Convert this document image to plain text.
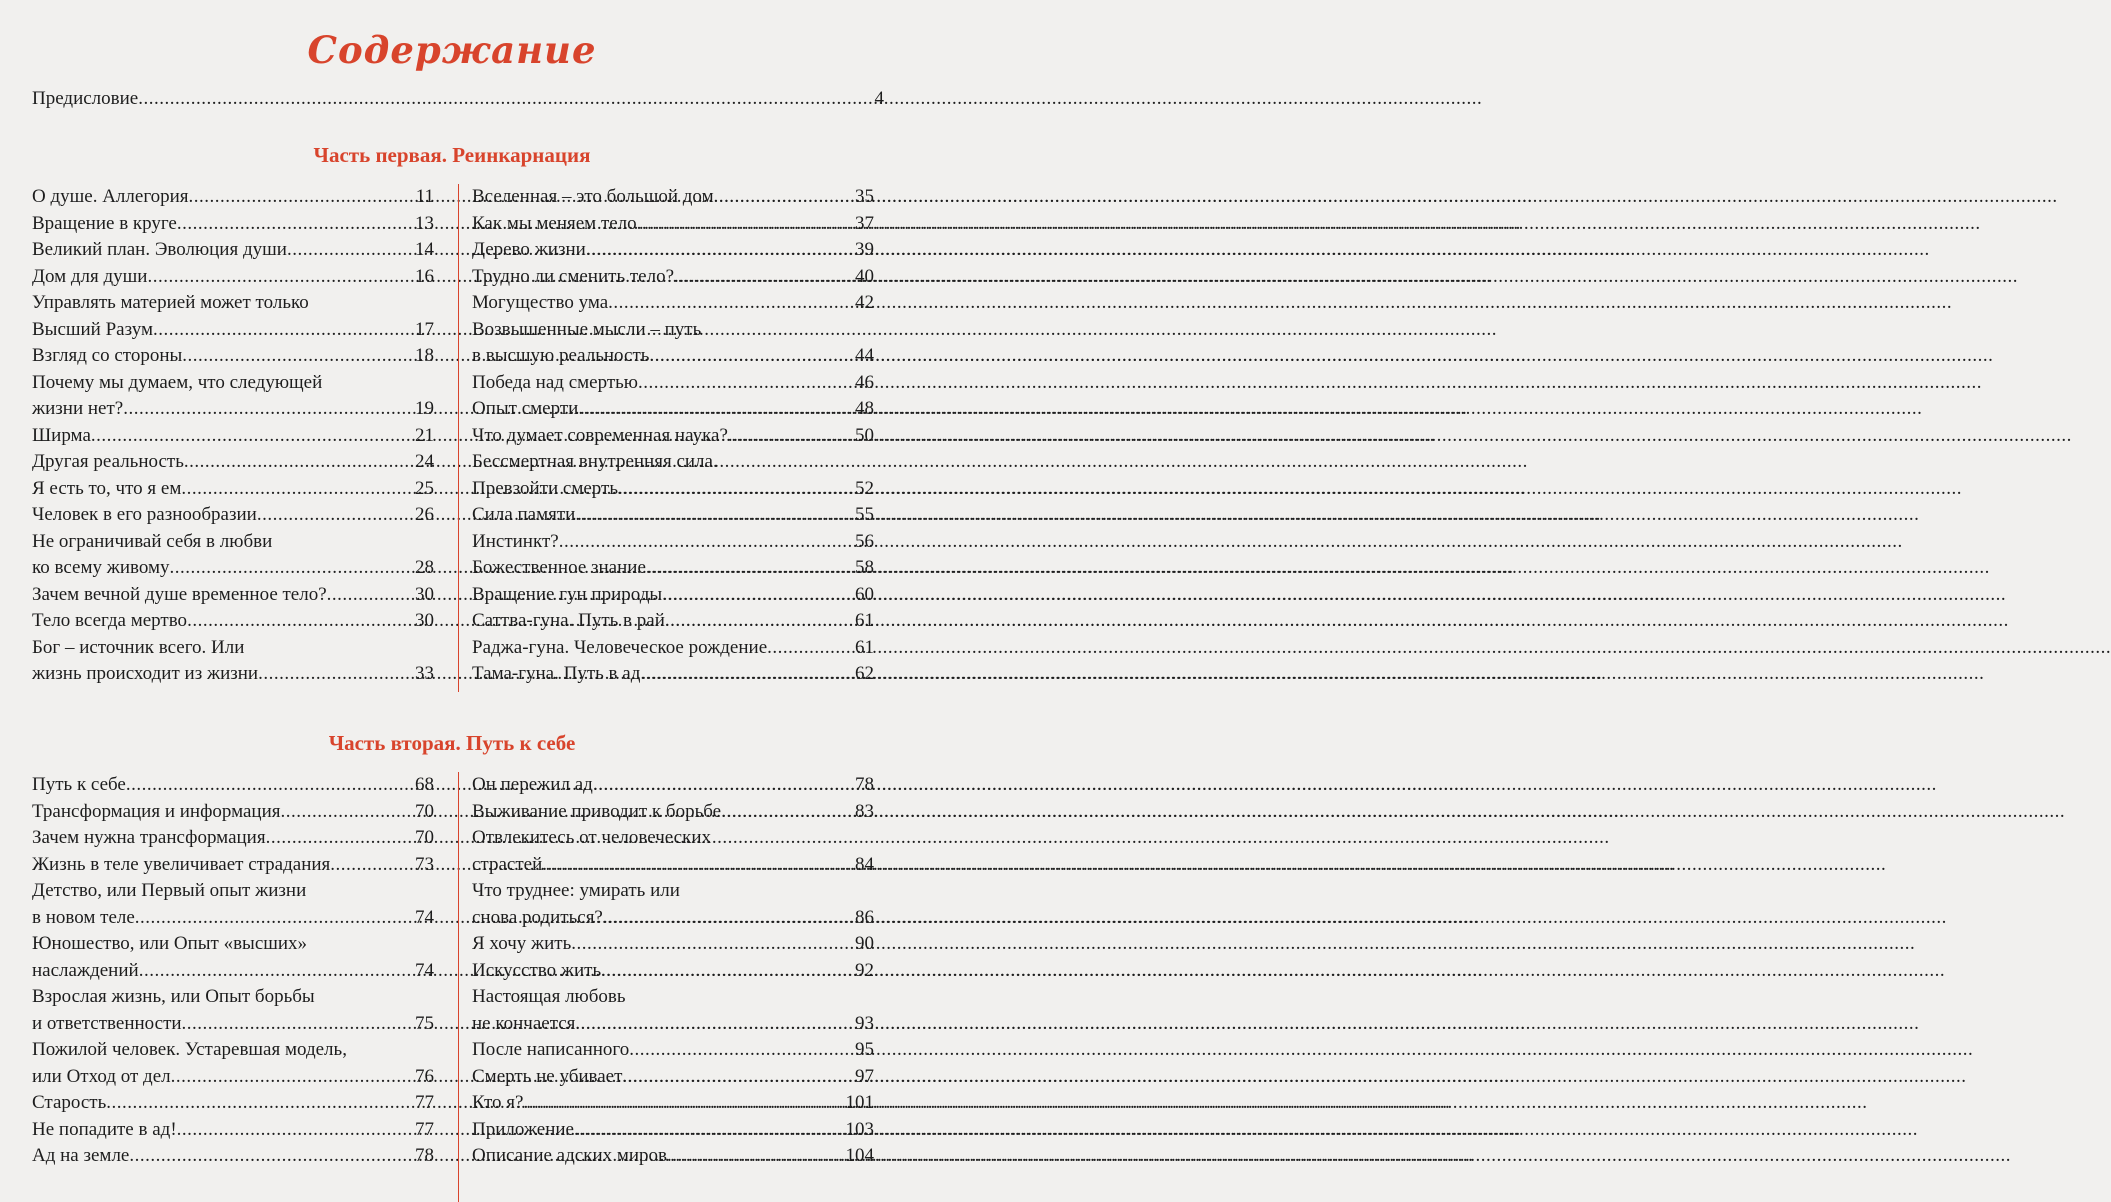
Содержание
Предисловие .....	4
Часть первая. Реинкарнация
О душе. Аллегория .....	11
Вращение в круге .....	13
Великий план. Эволюция души .....	14
Дом для души .....	16
Управлять материей может только
Высший Разум .....	17
Взгляд со стороны .....	18
Почему мы думаем, что следующей
жизни нет? .....	19
Ширма .....	21
Другая реальность .....	24
Я есть то, что я ем .....	25
Человек в его разнообразии .....	26
Не ограничивай себя в любви
ко всему живому .....	28
Зачем вечной душе временное тело? .....	30
Тело всегда мертво .....	30
Бог – источник всего. Или
жизнь происходит из жизни .....	33
Вселенная – это большой дом .....	35
Как мы меняем тело .....	37
Дерево жизни .....	39
Трудно ли сменить тело? .....	40
Могущество ума .....	42
Возвышенные мысли – путь
в высшую реальность .....	44
Победа над смертью .....	46
Опыт смерти .....	48
Что думает современная наука? .....	50
Бессмертная внутренняя сила.
Превзойти смерть .....	52
Сила памяти .....	55
Инстинкт? .....	56
Божественное знание .....	58
Вращение гун природы .....	60
Саттва-гуна. Путь в рай .....	61
Раджа-гуна. Человеческое рождение .....	61
Тама-гуна. Путь в ад .....	62
Часть вторая. Путь к себе
Путь к себе .....	68
Трансформация и информация .....	70
Зачем нужна трансформация .....	70
Жизнь в теле увеличивает страдания .....	73
Детство, или Первый опыт жизни
в новом теле .....	74
Юношество, или Опыт «высших»
наслаждений .....	74
Взрослая жизнь, или Опыт борьбы
и ответственности .....	75
Пожилой человек. Устаревшая модель,
или Отход от дел .....	76
Старость .....	77
Не попадите в ад! .....	77
Ад на земле .....	78
Он пережил ад .....	78
Выживание приводит к борьбе .....	83
Отвлекитесь от человеческих
страстей .....	84
Что труднее: умирать или
снова родиться? .....	86
Я хочу жить .....	90
Искусство жить .....	92
Настоящая любовь
не кончается .....	93
После написанного .....	95
Смерть не убивает .....	97
Кто я? .....	101
Приложение .....	103
Описание адских миров .....	104
